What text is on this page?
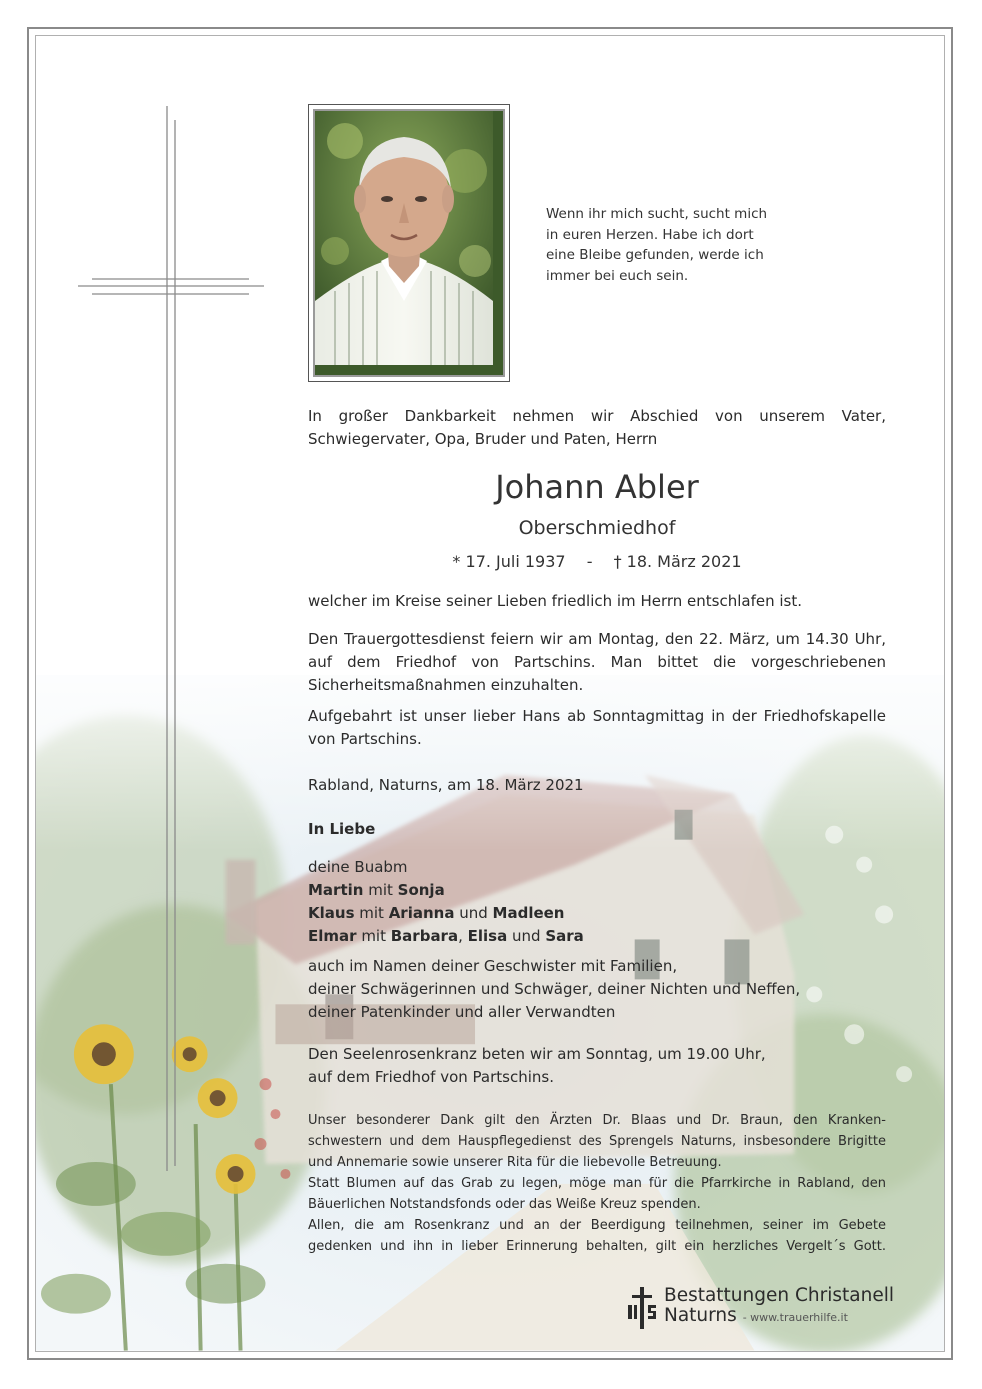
Wenn ihr mich sucht, sucht mich
in euren Herzen. Habe ich dort
eine Bleibe gefunden, werde ich
immer bei euch sein.
In großer Dankbarkeit nehmen wir Abschied von unserem Vater,
Schwiegervater, Opa, Bruder und Paten, Herrn
Johann Abler
Oberschmiedhof
* 17. Juli 1937 - † 18. März 2021
welcher im Kreise seiner Lieben friedlich im Herrn entschlafen ist.
Den Trauergottesdienst feiern wir am Montag, den 22. März, um 14.30 Uhr,
auf dem Friedhof von Partschins. Man bittet die vorgeschriebenen
Sicherheitsmaßnahmen einzuhalten.
Aufgebahrt ist unser lieber Hans ab Sonntagmittag in der Friedhofskapelle
von Partschins.
Rabland, Naturns, am 18. März 2021
In Liebe
deine Buabm
Martin mit Sonja
Klaus mit Arianna und Madleen
Elmar mit Barbara, Elisa und Sara
auch im Namen deiner Geschwister mit Familien,
deiner Schwägerinnen und Schwäger, deiner Nichten und Neffen,
deiner Patenkinder und aller Verwandten
Den Seelenrosenkranz beten wir am Sonntag, um 19.00 Uhr,
auf dem Friedhof von Partschins.
Unser besonderer Dank gilt den Ärzten Dr. Blaas und Dr. Braun, den Kranken-
schwestern und dem Hauspflegedienst des Sprengels Naturns, insbesondere Brigitte
und Annemarie sowie unserer Rita für die liebevolle Betreuung.
Statt Blumen auf das Grab zu legen, möge man für die Pfarrkirche in Rabland, den
Bäuerlichen Notstandsfonds oder das Weiße Kreuz spenden.
Allen, die am Rosenkranz und an der Beerdigung teilnehmen, seiner im Gebete
gedenken und ihn in lieber Erinnerung behalten, gilt ein herzliches Vergelt´s Gott.
Bestattungen Christanell
Naturns - www.trauerhilfe.it
